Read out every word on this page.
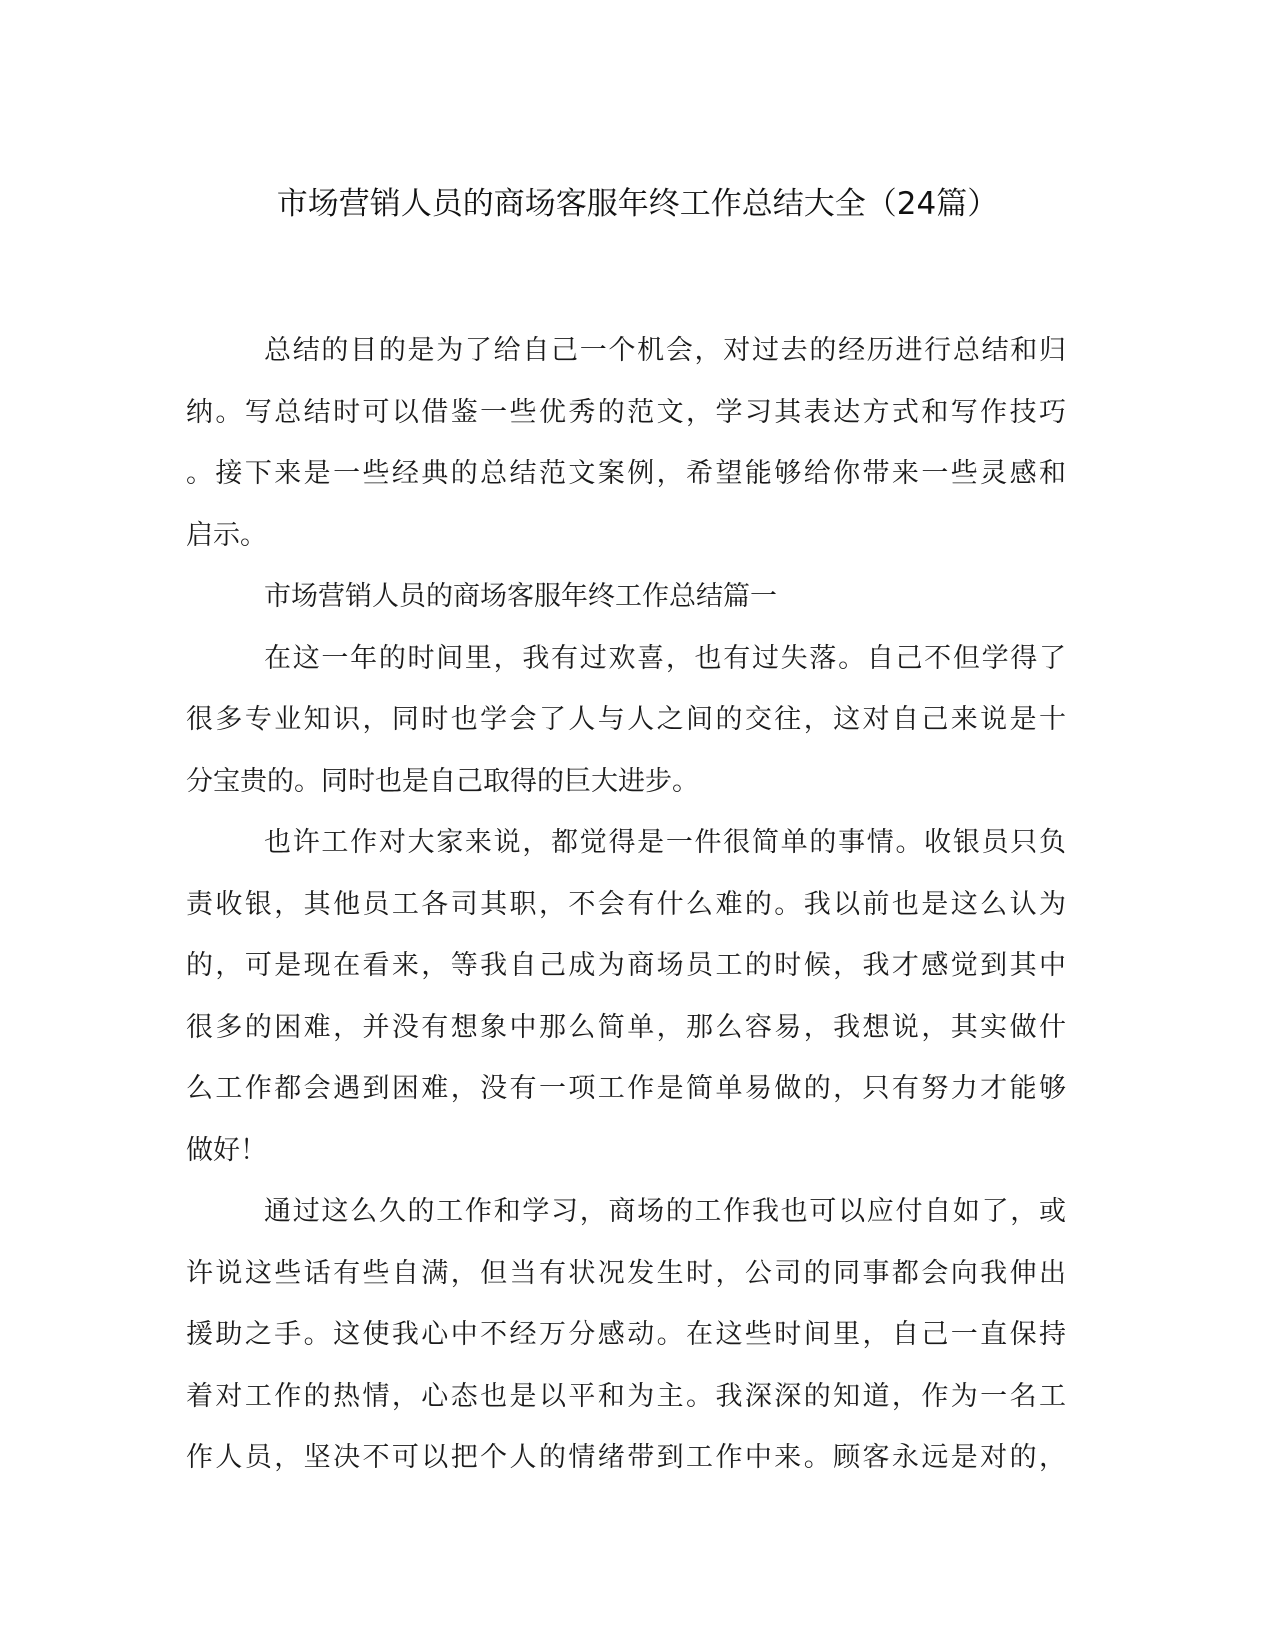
市场营销人员的商场客服年终工作总结大全（24篇）
总结的目的是为了给自己一个机会，对过去的经历进行总结和归
纳。写总结时可以借鉴一些优秀的范文，学习其表达方式和写作技巧
。接下来是一些经典的总结范文案例，希望能够给你带来一些灵感和
启示。
市场营销人员的商场客服年终工作总结篇一
在这一年的时间里，我有过欢喜，也有过失落。自己不但学得了
很多专业知识，同时也学会了人与人之间的交往，这对自己来说是十
分宝贵的。同时也是自己取得的巨大进步。
也许工作对大家来说，都觉得是一件很简单的事情。收银员只负
责收银，其他员工各司其职，不会有什么难的。我以前也是这么认为
的，可是现在看来，等我自己成为商场员工的时候，我才感觉到其中
很多的困难，并没有想象中那么简单，那么容易，我想说，其实做什
么工作都会遇到困难，没有一项工作是简单易做的，只有努力才能够
做好！
通过这么久的工作和学习，商场的工作我也可以应付自如了，或
许说这些话有些自满，但当有状况发生时，公司的同事都会向我伸出
援助之手。这使我心中不经万分感动。在这些时间里，自己一直保持
着对工作的热情，心态也是以平和为主。我深深的知道，作为一名工
作人员，坚决不可以把个人的情绪带到工作中来。顾客永远是对的，
